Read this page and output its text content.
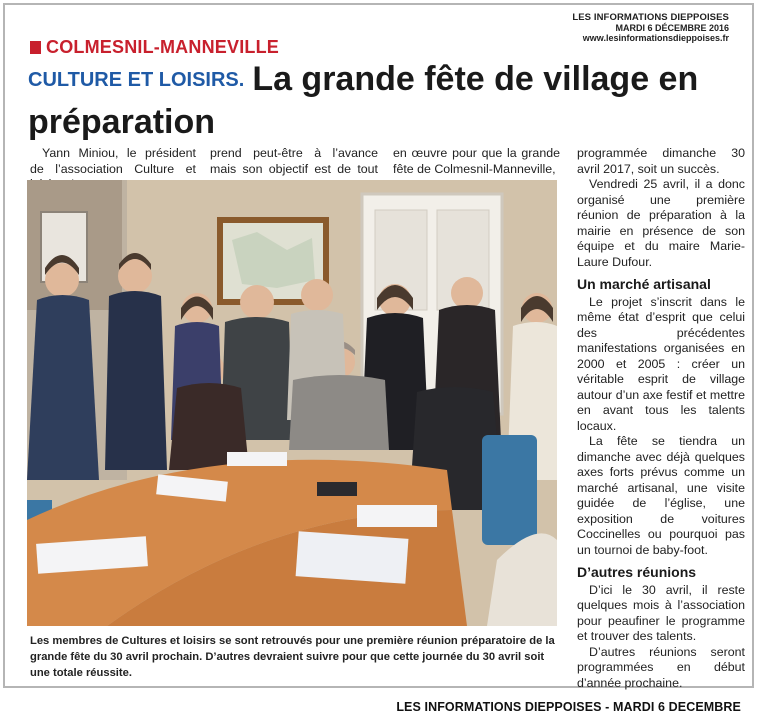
LES INFORMATIONS DIEPPOISES
MARDI 6 DÉCEMBRE 2016
www.lesinformationsdieppoises.fr
COLMESNIL-MANNEVILLE
CULTURE ET LOISIRS. La grande fête de village en préparation

Yann Miniou, le président de l’association Culture et

prend peut-être à l’avance mais son objectif est de tout

en œuvre pour que la grande fête de Colmesnil-Manneville,

programmée dimanche 30 avril 2017, soit un succès.

Vendredi 25 avril, il a donc organisé une première réunion de préparation à la mairie en présence de son équipe et du maire Marie-Laure Dufour.

Un marché artisanal

Le projet s’inscrit dans le même état d’esprit que celui des précédentes manifestations organisées en 2000 et 2005 : créer un véritable esprit de village autour d’un axe festif et mettre en avant tous les talents locaux.

La fête se tiendra un dimanche avec déjà quelques axes forts prévus comme un marché artisanal, une visite guidée de l’église, une exposition de voitures Coccinelles ou pourquoi pas un tournoi de baby-foot.

D’autres réunions

D’ici le 30 avril, il reste quelques mois à l’association pour peaufiner le programme et trouver des talents.

D’autres réunions seront programmées en début d’année prochaine.

Les membres de Cultures et loisirs se sont retrouvés pour une première réunion préparatoire de la grande fête du 30 avril prochain. D’autres devraient suivre pour que cette journée du 30 avril soit une totale réussite.
LES INFORMATIONS DIEPPOISES - MARDI 6 DECEMBRE
